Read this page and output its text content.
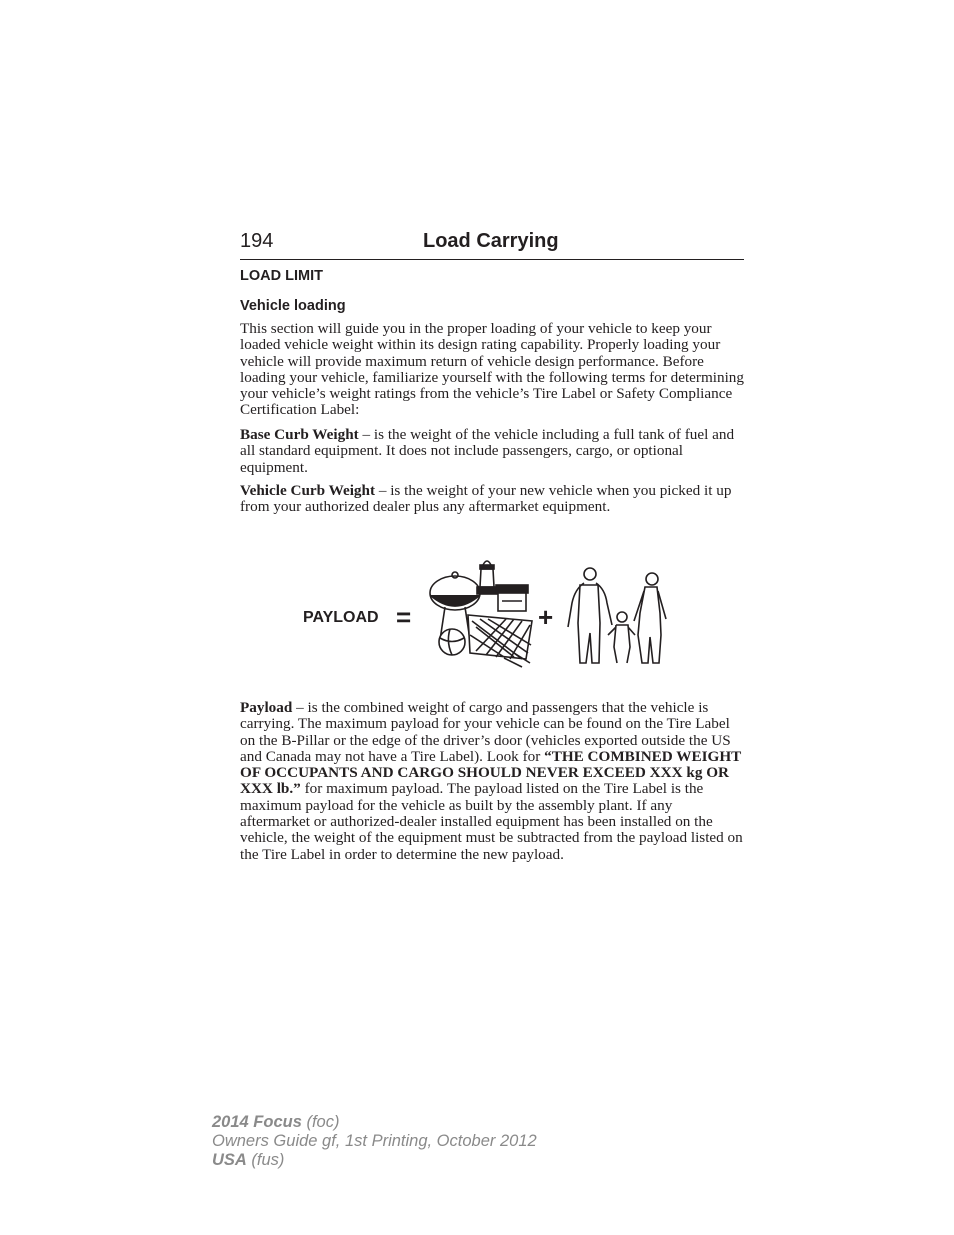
194	Load Carrying
LOAD LIMIT
Vehicle loading

This section will guide you in the proper loading of your vehicle to keep your loaded vehicle weight within its design rating capability. Properly loading your vehicle will provide maximum return of vehicle design performance. Before loading your vehicle, familiarize yourself with the following terms for determining your vehicle’s weight ratings from the vehicle’s Tire Label or Safety Compliance Certification Label:

Base Curb Weight – is the weight of the vehicle including a full tank of fuel and all standard equipment. It does not include passengers, cargo, or optional equipment.

Vehicle Curb Weight – is the weight of your new vehicle when you picked it up from your authorized dealer plus any aftermarket equipment.

PAYLOAD =	+

Payload – is the combined weight of cargo and passengers that the vehicle is carrying. The maximum payload for your vehicle can be found on the Tire Label on the B-Pillar or the edge of the driver’s door (vehicles exported outside the US and Canada may not have a Tire Label). Look for “THE COMBINED WEIGHT OF OCCUPANTS AND CARGO SHOULD NEVER EXCEED XXX kg OR XXX lb.” for maximum payload. The payload listed on the Tire Label is the maximum payload for the vehicle as built by the assembly plant. If any aftermarket or authorized-dealer installed equipment has been installed on the vehicle, the weight of the equipment must be subtracted from the payload listed on the Tire Label in order to determine the new payload.

2014 Focus (foc)
Owners Guide gf, 1st Printing, October 2012
USA (fus)
